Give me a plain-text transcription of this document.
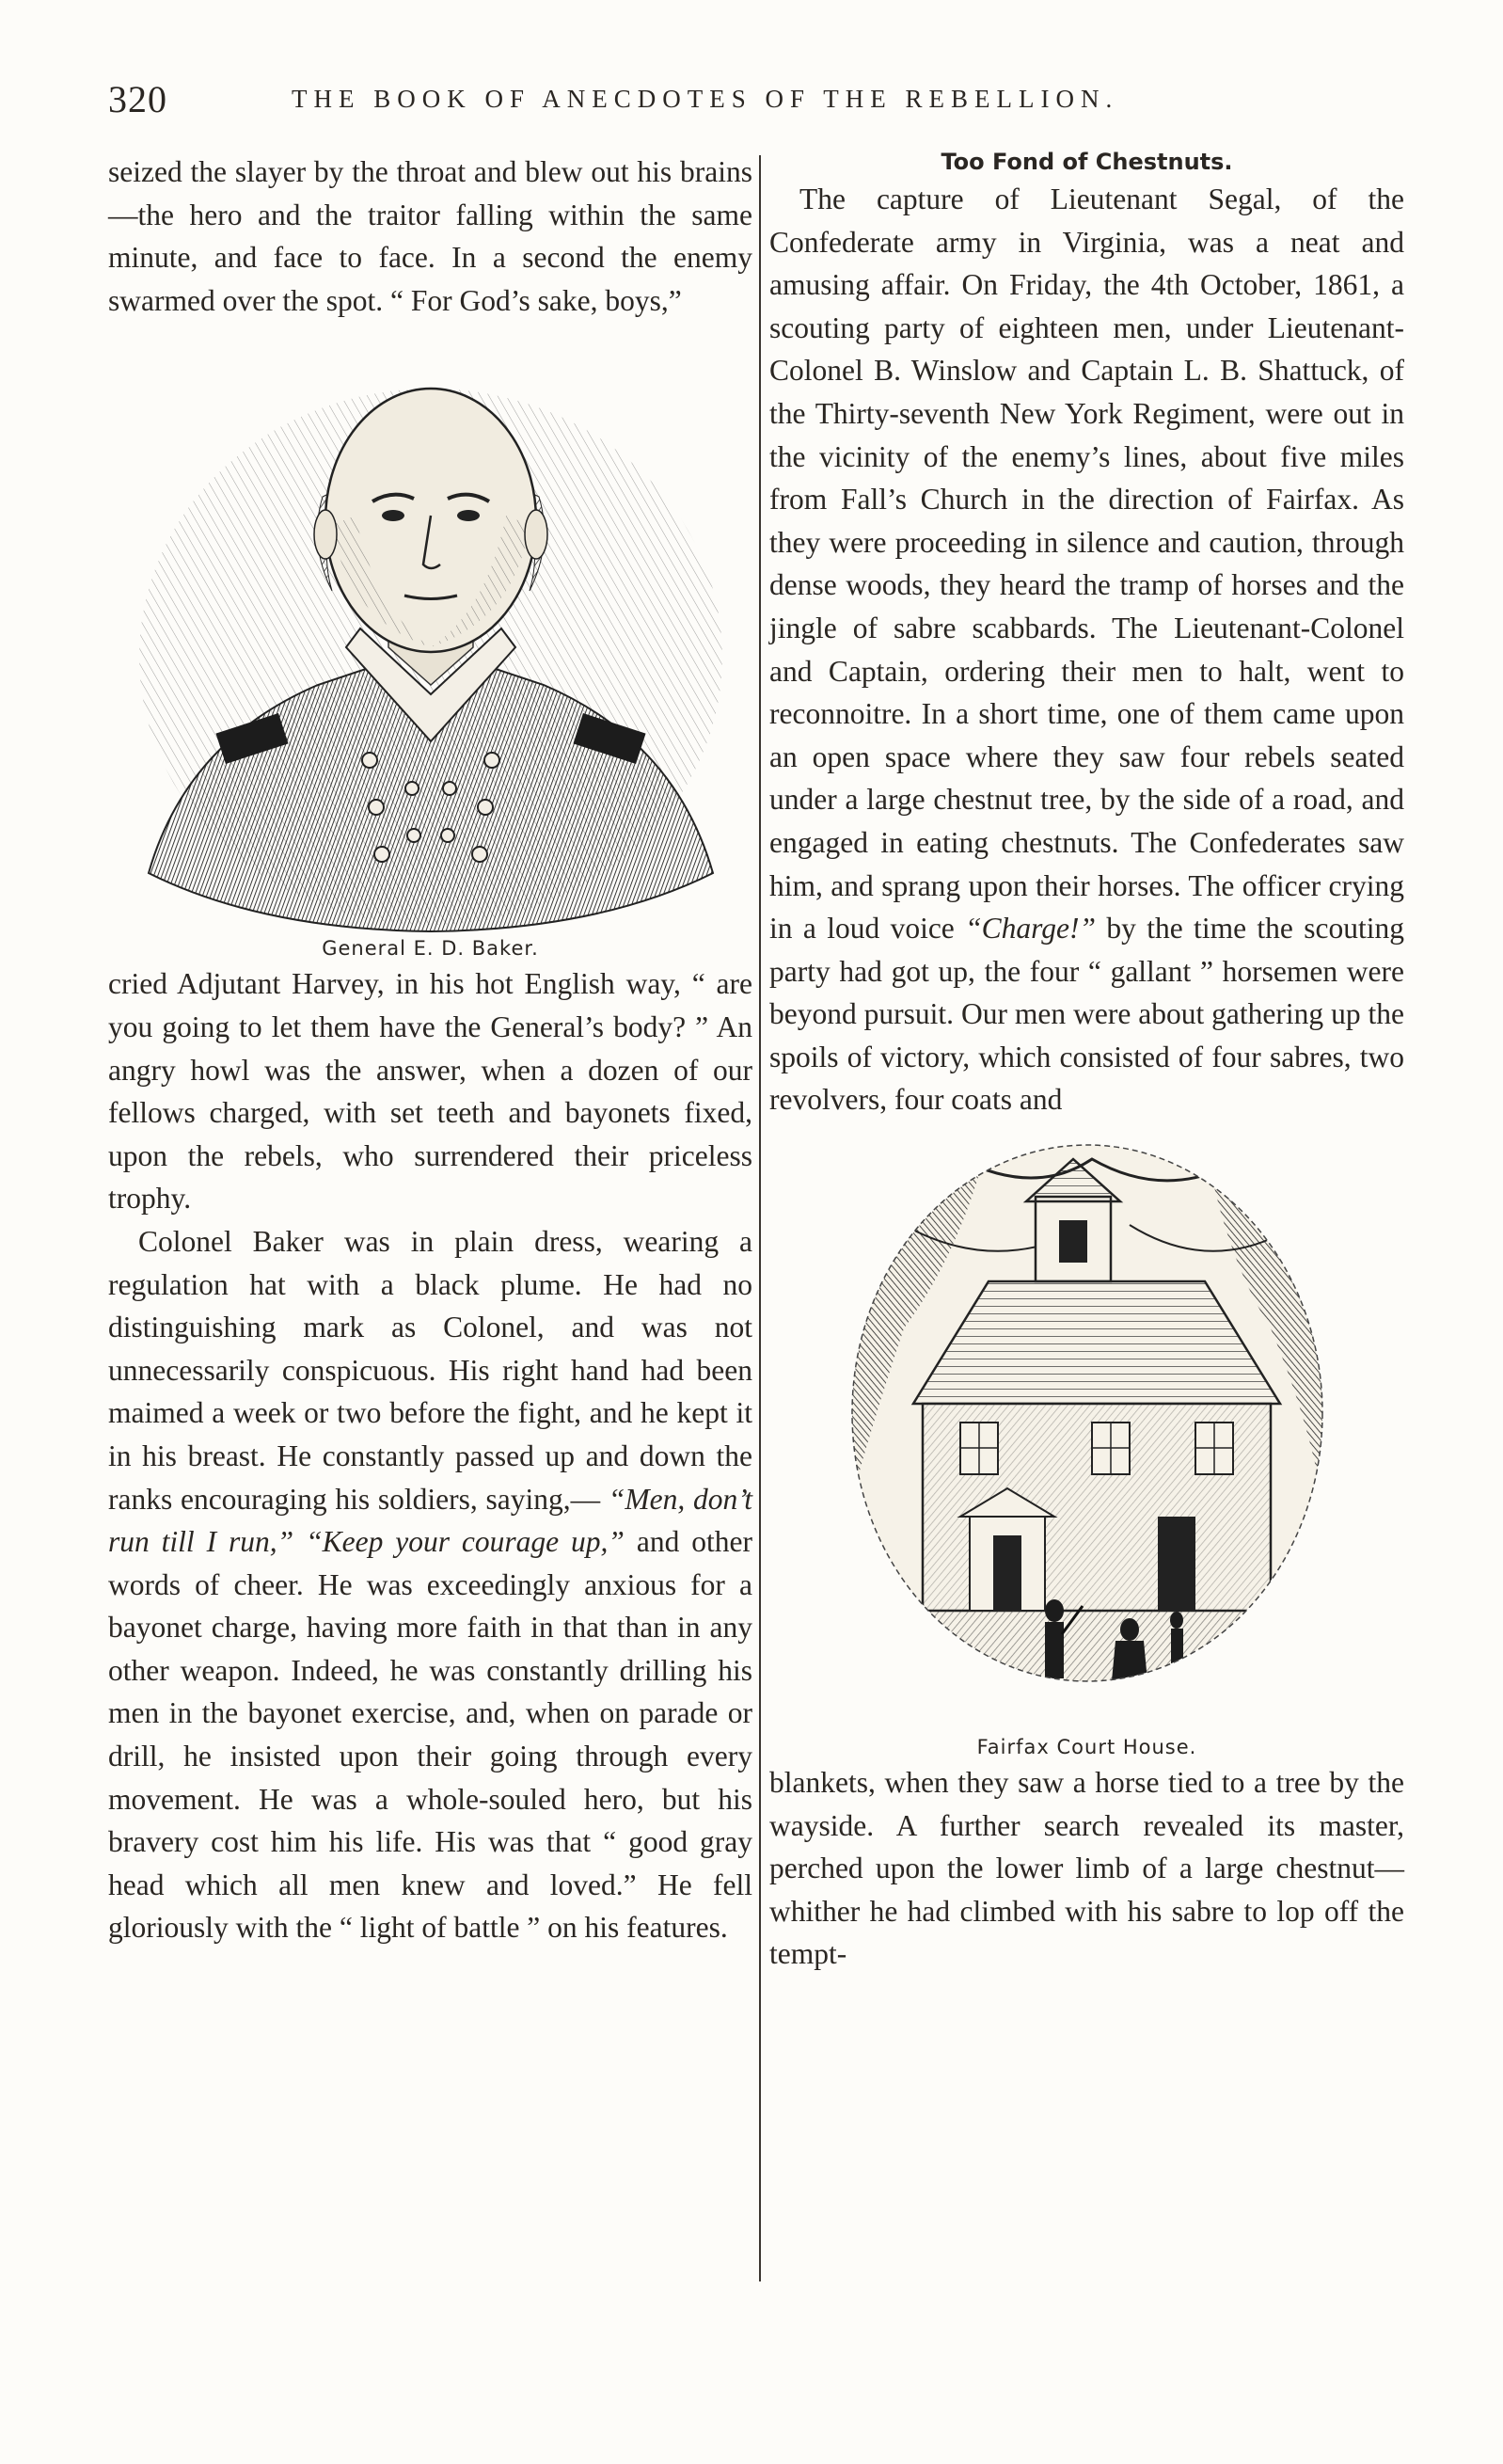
320	THE BOOK OF ANECDOTES OF THE REBELLION.

seized the slayer by the throat and blew out his brains—the hero and the traitor falling within the same minute, and face to face. In a second the enemy swarmed over the spot. “ For God’s sake, boys,”

General E. D. Baker.

cried Adjutant Harvey, in his hot English way, “ are you going to let them have the General’s body? ” An angry howl was the answer, when a dozen of our fellows charged, with set teeth and bayonets fixed, upon the rebels, who surrendered their priceless trophy.

Colonel Baker was in plain dress, wearing a regulation hat with a black plume. He had no distinguishing mark as Colonel, and was not unnecessarily conspicuous. His right hand had been maimed a week or two before the fight, and he kept it in his breast. He constantly passed up and down the ranks encouraging his soldiers, saying,— “Men, don’t run till I run,” “Keep your courage up,” and other words of cheer. He was exceedingly anxious for a bayonet charge, having more faith in that than in any other weapon. Indeed, he was constantly drilling his men in the bayonet exercise, and, when on parade or drill, he insisted upon their going through every movement. He was a whole-souled hero, but his bravery cost him his life. His was that “ good gray head which all men knew and loved.” He fell gloriously with the “ light of battle ” on his features.

Too Fond of Chestnuts.

The capture of Lieutenant Segal, of the Confederate army in Virginia, was a neat and amusing affair. On Friday, the 4th October, 1861, a scouting party of eighteen men, under Lieutenant-Colonel B. Winslow and Captain L. B. Shattuck, of the Thirty-seventh New York Regiment, were out in the vicinity of the enemy’s lines, about five miles from Fall’s Church in the direction of Fairfax. As they were proceeding in silence and caution, through dense woods, they heard the tramp of horses and the jingle of sabre scabbards. The Lieutenant-Colonel and Captain, ordering their men to halt, went to reconnoitre. In a short time, one of them came upon an open space where they saw four rebels seated under a large chestnut tree, by the side of a road, and engaged in eating chestnuts. The Confederates saw him, and sprang upon their horses. The officer crying in a loud voice “Charge!” by the time the scouting party had got up, the four “ gallant ” horsemen were beyond pursuit. Our men were about gathering up the spoils of victory, which consisted of four sabres, two revolvers, four coats and

Fairfax Court House.

blankets, when they saw a horse tied to a tree by the wayside. A further search revealed its master, perched upon the lower limb of a large chestnut—whither he had climbed with his sabre to lop off the tempt-
